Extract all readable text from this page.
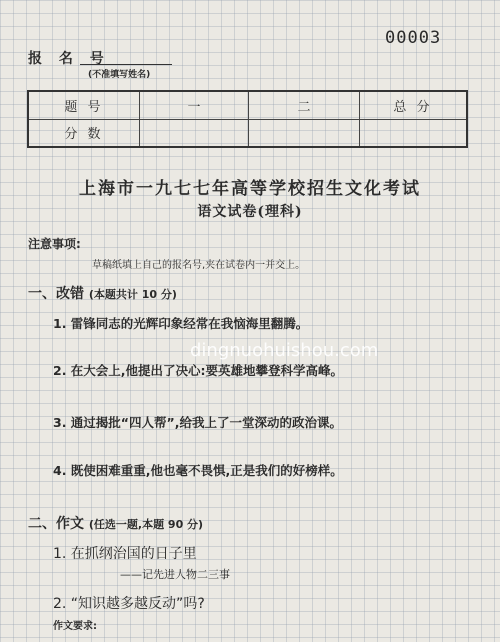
00003
报 名 号
(不准填写姓名)
题 号	一	二	总 分
分 数			
上海市一九七七年高等学校招生文化考试
语文试卷(理科)
注意事项:
草稿纸填上自己的报名号,夹在试卷内一并交上。
一、改错 (本题共计 10 分)
1. 雷锋同志的光辉印象经常在我恼海里翻腾。
2. 在大会上,他提出了决心:要英雄地攀登科学高峰。
3. 通过揭批“四人帮”,给我上了一堂深动的政治课。
4. 既使困难重重,他也毫不畏惧,正是我们的好榜样。
二、作文 (任选一题,本题 90 分)
1. 在抓纲治国的日子里
——记先进人物二三事
2. “知识越多越反动”吗?
作文要求:
dingnuohuishou.com
